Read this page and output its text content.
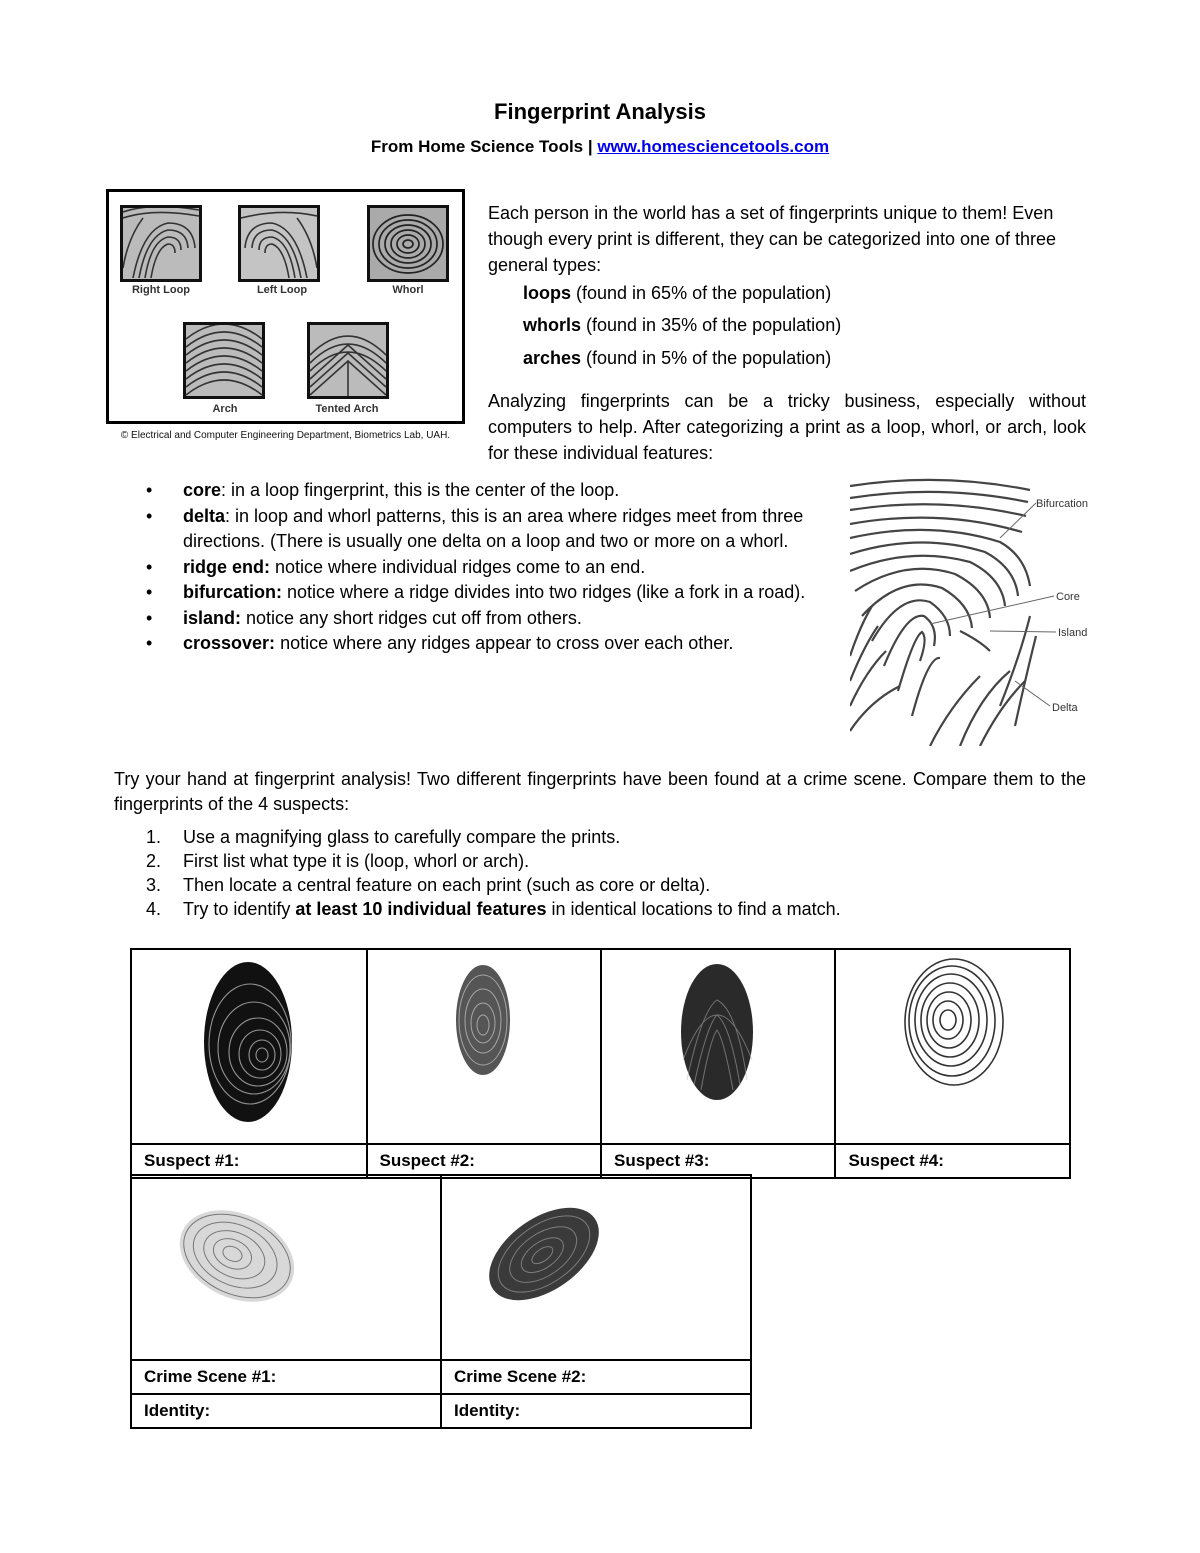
Fingerprint Analysis
From Home Science Tools | www.homesciencetools.com
Right Loop	Left Loop	Whorl
Arch	Tented Arch
© Electrical and Computer Engineering Department, Biometrics Lab, UAH.
Each person in the world has a set of fingerprints unique to them! Even though every print is different, they can be categorized into one of three general types:
loops (found in 65% of the population)
whorls (found in 35% of the population)
arches (found in 5% of the population)
Analyzing fingerprints can be a tricky business, especially without computers to help. After categorizing a print as a loop, whorl, or arch, look for these individual features:
• core: in a loop fingerprint, this is the center of the loop.
• delta: in loop and whorl patterns, this is an area where ridges meet from three directions. (There is usually one delta on a loop and two or more on a whorl.
• ridge end: notice where individual ridges come to an end.
• bifurcation: notice where a ridge divides into two ridges (like a fork in a road).
• island: notice any short ridges cut off from others.
• crossover: notice where any ridges appear to cross over each other.
Bifurcation
Core
Island
Delta
Try your hand at fingerprint analysis! Two different fingerprints have been found at a crime scene. Compare them to the fingerprints of the 4 suspects:
1. Use a magnifying glass to carefully compare the prints.
2. First list what type it is (loop, whorl or arch).
3. Then locate a central feature on each print (such as core or delta).
4. Try to identify at least 10 individual features in identical locations to find a match.

Suspect #1:	Suspect #2:	Suspect #3:	Suspect #4:

Crime Scene #1:	Crime Scene #2:
Identity:	Identity:
